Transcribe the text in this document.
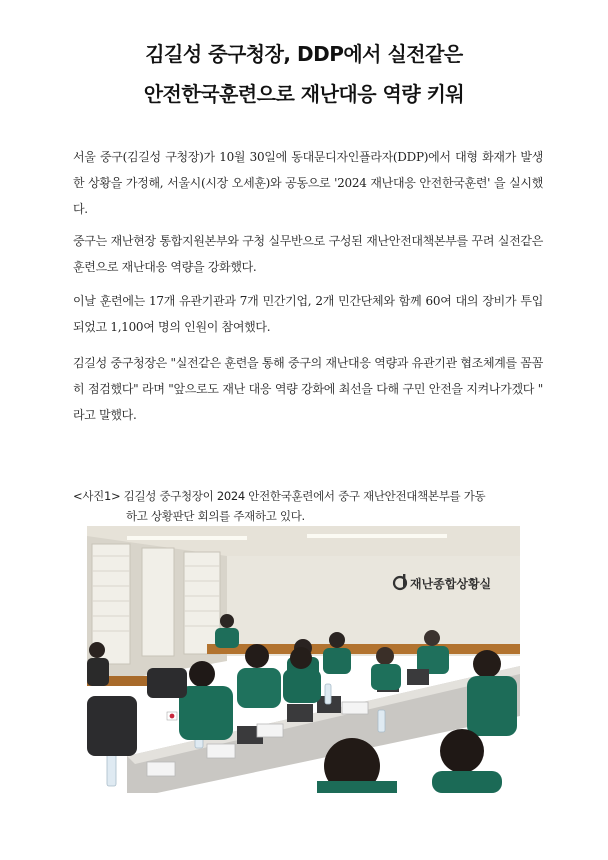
김길성 중구청장, DDP에서 실전같은
안전한국훈련으로 재난대응 역량 키워
서울 중구(김길성 구청장)가 10월 30일에 동대문디자인플라자(DDP)에서 대형 화재가 발생한 상황을 가정해, 서울시(시장 오세훈)와 공동으로 '2024 재난대응 안전한국훈련' 을 실시했다.
중구는 재난현장 통합지원본부와 구청 실무반으로 구성된 재난안전대책본부를 꾸려 실전같은 훈련으로 재난대응 역량을 강화했다.
이날 훈련에는 17개 유관기관과 7개 민간기업, 2개 민간단체와 함께 60여 대의 장비가 투입되었고 1,100여 명의 인원이 참여했다.
김길성 중구청장은 "실전같은 훈련을 통해 중구의 재난대응 역량과 유관기관 협조체계를 꼼꼼히 점검했다" 라며 "앞으로도 재난 대응 역량 강화에 최선을 다해 구민 안전을 지켜나가겠다 " 라고 말했다.
<사진1> 김길성 중구청장이 2024 안전한국훈련에서 중구 재난안전대책본부를 가동
하고 상황판단 회의를 주재하고 있다.
재난종합상황실
